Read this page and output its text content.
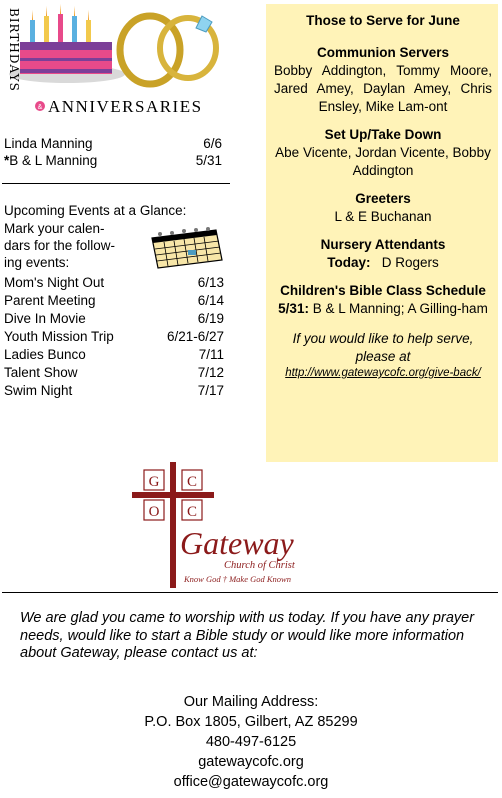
BIRTHDAYS
& ANNIVERSARIES
Linda Manning	6/6
*B & L Manning	5/31
Upcoming Events at a Glance:
Mark your calen-
dars for the follow-
ing events:
Mom's Night Out	6/13
Parent Meeting	6/14
Dive In Movie	6/19
Youth Mission Trip	6/21-6/27
Ladies Bunco	7/11
Talent Show	7/12
Swim Night	7/17
Those to Serve for June
Communion Servers
Bobby Addington, Tommy Moore, Jared Amey, Daylan Amey, Chris Ensley, Mike Lam-ont
Set Up/Take Down
Abe Vicente, Jordan Vicente, Bobby Addington
Greeters
L & E Buchanan
Nursery Attendants
Today: D Rogers
Children's Bible Class Schedule
5/31: B & L Manning; A Gilling-ham
If you would like to help serve, please at
http://www.gatewaycofc.org/give-back/
G C
O C
Gateway
Church of Christ
Know God † Make God Known
We are glad you came to worship with us today. If you have any prayer needs, would like to start a Bible study or would like more information about Gateway, please contact us at:
Our Mailing Address:
P.O. Box 1805, Gilbert, AZ 85299
480-497-6125
gatewaycofc.org
office@gatewaycofc.org
